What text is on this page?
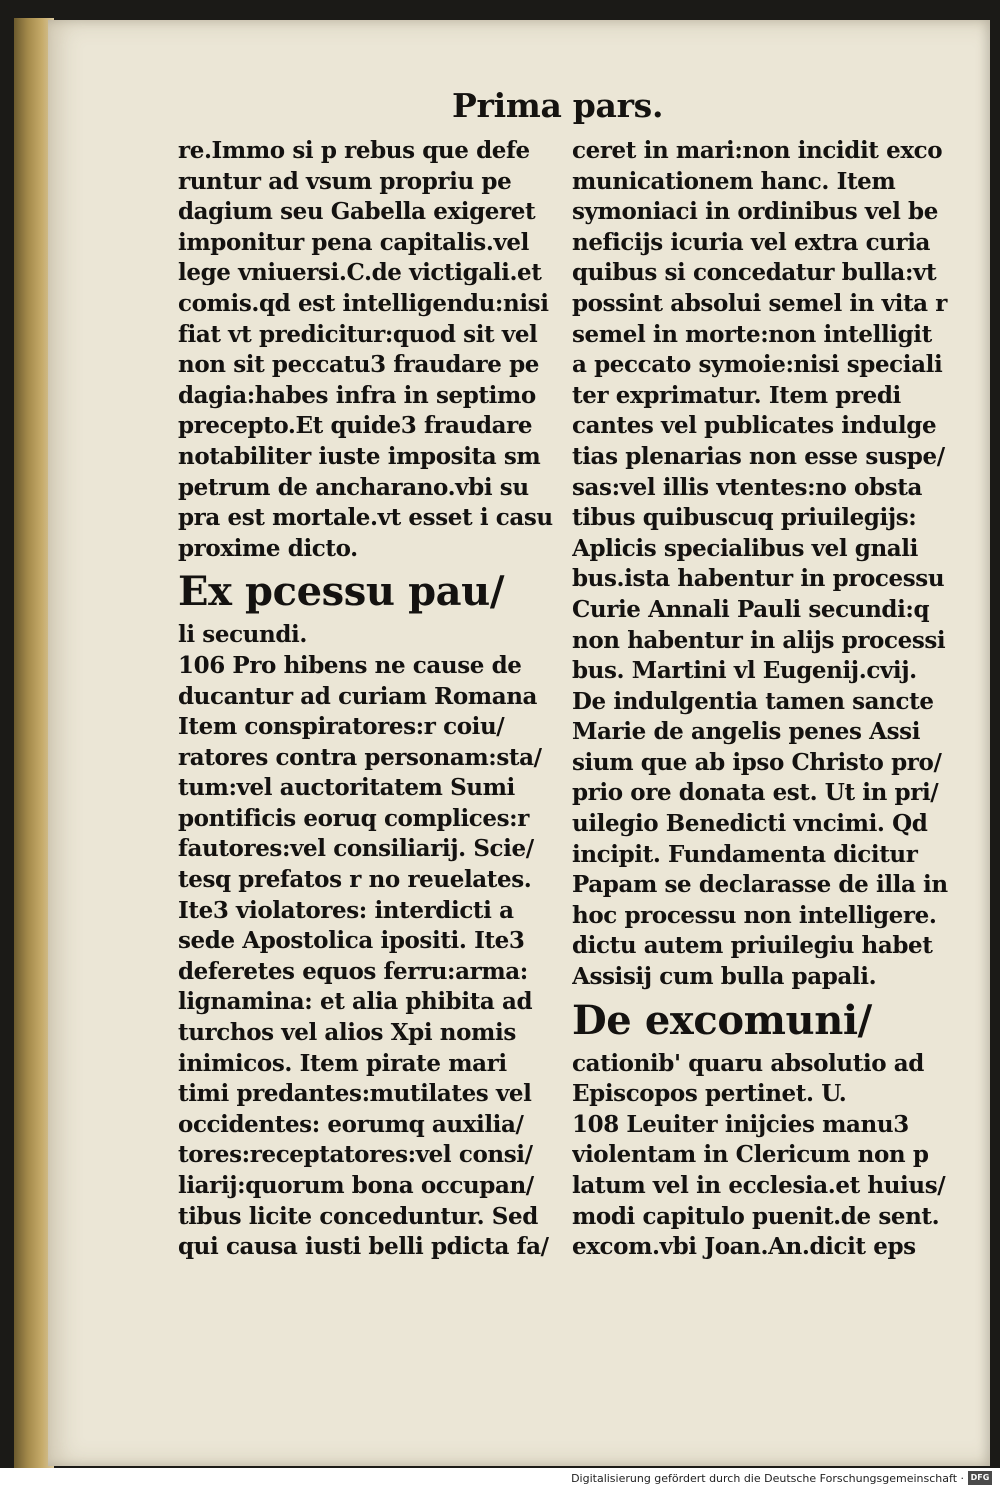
Prima pars.
re.Immo si p rebus que defe
runtur ad vsum propriu pe
dagium seu Gabella exigeret
imponitur pena capitalis.vel
lege vniuersi.C.de victigali.et
comis.qd est intelligendu:nisi
fiat vt predicitur:quod sit vel
non sit peccatu3 fraudare pe
dagia:habes infra in septimo
precepto.Et quide3 fraudare
notabiliter iuste imposita sm
petrum de ancharano.vbi su
pra est mortale.vt esset i casu
proxime dicto.
Ex pcessu pau/
li secundi.
106 Pro hibens ne cause de
ducantur ad curiam Romana
Item conspiratores:r coiu/
ratores contra personam:sta/
tum:vel auctoritatem Sumi
pontificis eoruq complices:r
fautores:vel consiliarij. Scie/
tesq prefatos r no reuelates.
Ite3 violatores: interdicti a
sede Apostolica ipositi. Ite3
deferetes equos ferru:arma:
lignamina: et alia phibita ad
turchos vel alios Xpi nomis
inimicos. Item pirate mari
timi predantes:mutilates vel
occidentes: eorumq auxilia/
tores:receptatores:vel consi/
liarij:quorum bona occupan/
tibus licite conceduntur. Sed
qui causa iusti belli pdicta fa/
ceret in mari:non incidit exco
municationem hanc. Item
symoniaci in ordinibus vel be
neficijs icuria vel extra curia
quibus si concedatur bulla:vt
possint absolui semel in vita r
semel in morte:non intelligit
a peccato symoie:nisi speciali
ter exprimatur. Item predi
cantes vel publicates indulge
tias plenarias non esse suspe/
sas:vel illis vtentes:no obsta
tibus quibuscuq priuilegijs:
Aplicis specialibus vel gnali
bus.ista habentur in processu
Curie Annali Pauli secundi:q
non habentur in alijs processi
bus. Martini vl Eugenij.cvij.
De indulgentia tamen sancte
Marie de angelis penes Assi
sium que ab ipso Christo pro/
prio ore donata est. Ut in pri/
uilegio Benedicti vncimi. Qd
incipit. Fundamenta dicitur
Papam se declarasse de illa in
hoc processu non intelligere.
dictu autem priuilegiu habet
Assisij cum bulla papali.
De excomuni/
cationib' quaru absolutio ad
Episcopos pertinet. U.
108 Leuiter inijcies manu3
violentam in Clericum non p
latum vel in ecclesia.et huius/
modi capitulo puenit.de sent.
excom.vbi Joan.An.dicit eps
Digitalisierung gefördert durch die Deutsche Forschungsgemeinschaft · DFG
